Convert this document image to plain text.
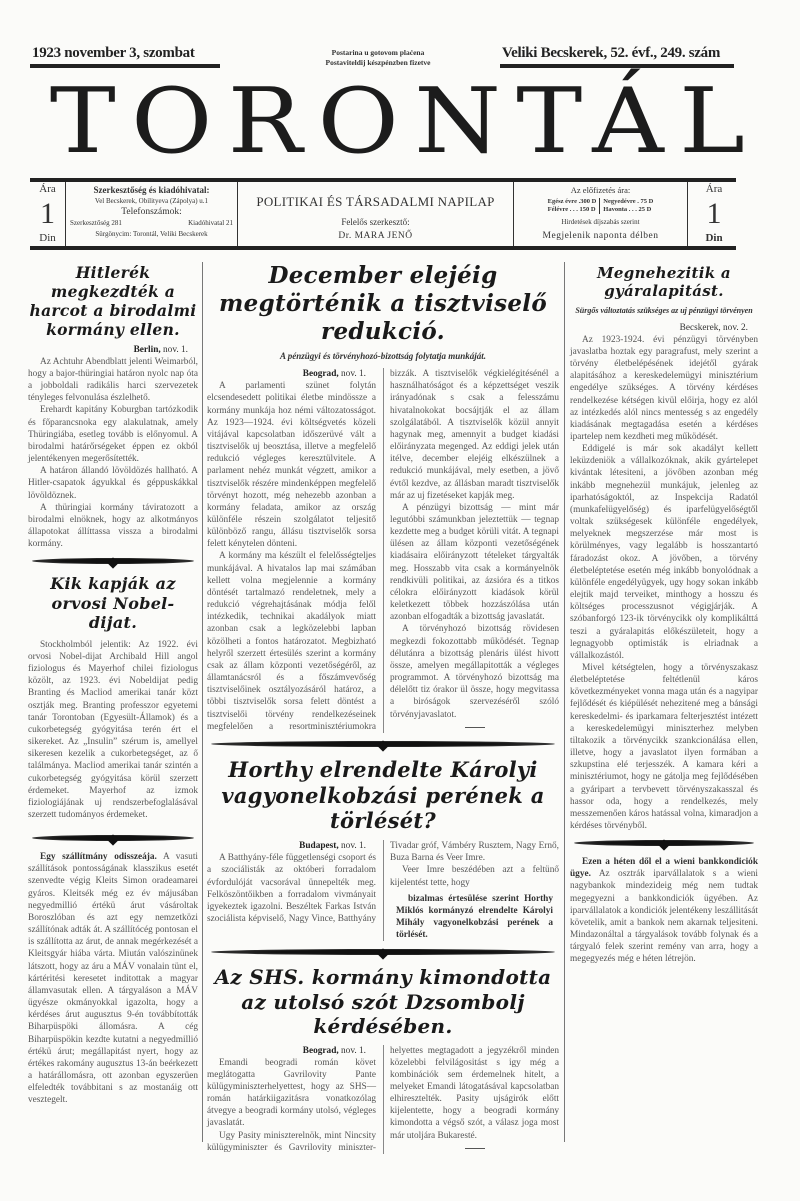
1923 november 3, szombat	Postarina u gotovom plaćena
Postaviteldij készpénzben fizetve
Veliki Becskerek, 52. évf., 249. szám
TORONTÁL
Ára
1
Din
Szerkesztőség és kiadóhivatal:
Vel Becskerek, Obilityeva (Zápolya) u.1
Telefonszámok:
Szerkesztőség 281	Kiadóhivatal 21
Sürgönycim: Torontál, Veliki Becskerek
POLITIKAI ÉS TÁRSADALMI NAPILAP
Felelős szerkesztő:
Dr. MARA JENŐ
Az előfizetés ára:
Egész évre .300 D
Félévre . . . 150 D
Negyedévre . 75 D
Havonta . . . 25 D
Hirdetések díjszabás szerint
Megjelenik naponta délben
Ára
1
Din
Hitlerék megkezdték a harcot a birodalmi kormány ellen.
Berlin, nov. 1.

Az Achtuhr Abendblatt jelenti Weimarból, hogy a bajor-thüringiai határon nyolc nap óta a jobboldali radikális harci szervezetek tényleges felvonulása észlelhető.

Erehardt kapitány Koburgban tartózkodik és főparancsnoka egy alakulatnak, amely Thüringiába, esetleg tovább is előnyomul. A birodalmi határőrségeket éppen ez okból jelentékenyen megerősítették.

A határon állandó lövöldözés hallható. A Hitler-csapatok ágyukkal és géppuskákkal lövöldöznek.

A thüringiai kormány táviratozott a birodalmi elnöknek, hogy az alkotmányos állapotokat állíttassa vissza a birodalmi kormány.

Kik kapják az orvosi Nobel-dijat.

Stockholmból jelentik: Az 1922. évi orvosi Nobel-dijat Archibald Hill angol fiziologus és Mayerhof chilei fiziologus közölt, az 1923. évi Nobeldijat pedig Branting és Macliod amerikai tanár közt osztják meg. Branting professzor egyetemi tanár Torontoban (Egyesült-Államok) és a cukorbetegség gyógyitása terén ért el sikereket. Az „Insulin” szérum is, amellyel sikeresen kezelik a cukorbetegséget, az ő találmánya. Macliod amerikai tanár szintén a cukorbetegség gyógyitása körül szerzett érdemeket. Mayerhof az izmok fiziologiájának uj rendszerbefoglalásával szerzett tudományos érdemeket.

Egy szállítmány odisszeája. A vasuti szállítások pontosságának klasszikus esetét szenvedte végig Kleits Simon oradeamarei gyáros. Kleitsék még ez év májusában negyedmillió értékü árut vásároltak Boroszlóban és azt egy nemzetközi szállítónak adták át. A szállítócég pontosan el is szállította az árut, de annak megérkezését a Kleitsgyár hiába várta. Miután valószinünek látszott, hogy az áru a MÁV vonalain tünt el, kártéritési keresetet inditottak a magyar államvasutak ellen. A tárgyaláson a MÁV ügyésze okmányokkal igazolta, hogy a kérdéses árut augusztus 9-én továbbították Biharpüspöki állomásra. A cég Biharpüspökin kezdte kutatni a negyedmillió értékü árut; megállapitást nyert, hogy az értékes rakomány augusztus 13-án beérkezett a határállomásra, ott azonban egyszerüen elfeledték továbbitani s az mostanáig ott vesztegelt.

December elejéig megtörténik a tisztviselő redukció.
A pénzügyi és törvényhozó-bizottság folytatja munkáját.
Beograd, nov. 1.

A parlamenti szünet folytán elcsendesedett politikai életbe mindössze a kormány munkája hoz némi változatosságot. Az 1923—1924. évi költségvetés közeli vitájával kapcsolatban időszerüvé vált a tisztviselők uj beosztása, illetve a megfelelő redukció végleges keresztülvitele. A parlament nehéz munkát végzett, amikor a tisztviselők részére mindenképpen megfelelő törvényt hozott, még nehezebb azonban a kormány feladata, amikor az ország különféle részein szolgálatot teljesitő különböző rangu, állásu tisztviselők sorsa felett kénytelen dönteni.

A kormány ma készült el felelősségteljes munkájával. A hivatalos lap mai számában kellett volna megjelennie a kormány döntését tartalmazó rendeletnek, mely a redukció végrehajtásának módja felől intézkedik, technikai akadályok miatt azonban csak a legközelebbi lapban közölheti a fontos határozatot. Megbizható helyről szerzett értesülés szerint a kormány csak az állam központi vezetőségéről, az államtanácsról és a főszámvevőség tisztviselőinek osztályozásáról határoz, a többi tisztviselők sorsa felett döntést a tisztviselői törvény rendelkezéseinek megfelelően a resortminisztériumokra bizzák. A tisztviselők végkielégitésénél a használhatóságot és a képzettséget veszik irányadónak s csak a felesszámu hivatalnokokat bocsájtják el az állam szolgálatából. A tisztviselők közül annyit hagynak meg, amennyit a budget kiadási előirányzata megenged. Az eddigi jelek után itélve, december elejéig elkészülnek a redukció munkájával, mely esetben, a jövő évtől kezdve, az állásban maradt tisztviselők már az uj fizetéseket kapják meg.

A pénzügyi bizottság — mint már legutóbbi számunkban jeleztettük — tegnap kezdette meg a budget körüli vitát. A tegnapi ülésen az állam központi vezetőségének kiadásaira előirányzott tételeket tárgyalták meg. Hosszabb vita csak a kormányelnök rendkivüli politikai, az ázsióra és a titkos célokra előirányzott kiadások körül keletkezett többek hozzászólása után azonban elfogadták a bizottság javaslatát.

A törvényhozó bizottság rövidesen megkezdi fokozottabb működését. Tegnap délutánra a bizottság plenáris ülést hivott össze, amelyen megállapitották a végleges programmot. A törvényhozó bizottság ma délelőtt tiz órakor ül össze, hogy megvitassa a biróságok szervezéséről szóló törvényjavaslatot.

Horthy elrendelte Károlyi vagyonelkobzási perének a törlését?
Budapest, nov. 1.

A Batthyány-féle függetlenségi csoport és a szociálisták az októberi forradalom évfordulóját vacsorával ünnepelték meg. Felköszöntőikben a forradalom vivmányait igyekeztek igazolni. Beszéltek Farkas István szociálista képviselő, Nagy Vince, Batthyány Tivadar gróf, Vámbéry Rusztem, Nagy Ernő, Buza Barna és Veer Imre.

Veer Imre beszédében azt a feltünő kijelentést tette, hogy

bizalmas értesülése szerint Horthy Miklós kormányzó elrendelte Károlyi Mihály vagyonelkobzási perének a törlését.

Az SHS. kormány kimondotta az utolsó szót Dzsombolj kérdésében.
Beograd, nov. 1.

Emandi beogradi román követ meglátogatta Gavrilovity Pante külügyminiszterhelyettest, hogy az SHS—román határkiigazitásra vonatkozólag átvegye a beogradi kormány utolsó, végleges javaslatát.

Ugy Pasity miniszterelnök, mint Nincsity külügyminiszter és Gavrilovity miniszter-helyettes megtagadott a jegyzékről minden közelebbi felvilágositást s igy még a kombinációk sem érdemelnek hitelt, a melyeket Emandi látogatásával kapcsolatban elhiresztelték. Pasity ujságirók előtt kijelentette, hogy a beogradi kormány kimondotta a végső szót, a válasz joga most már utoljára Bukaresté.

Megnehezitik a gyáralapitást.
Sürgős változtatás szükséges az uj pénzügyi törvényen
Becskerek, nov. 2.

Az 1923-1924. évi pénzügyi törvényben javaslatba hoztak egy paragrafust, mely szerint a törvény életbelépésének idejétől gyárak alapitásához a kereskedelemügyi minisztérium engedélye szükséges. A törvény kérdéses rendelkezése kétségen kivül előirja, hogy ez alól az intézkedés alól nincs mentesség s az engedély kiadásának megtagadása esetén a kérdéses ipartelep nem kezdheti meg működését.

Eddigelé is már sok akadályt kellett leküzdeniök a vállalkozóknak, akik gyártelepet kivántak létesiteni, a jövőben azonban még inkább megnehezül munkájuk, jelenleg az iparhatóságoktól, az Inspekcija Radatól (munkafelügyelőség) és iparfelügyelőségtől voltak szükségesek különféle engedélyek, melyeknek megszerzése már most is körülményes, vagy legalább is hosszantartó fáradozást okoz. A jövőben, a törvény életbeléptetése esetén még inkább bonyolódnak a különféle engedélyügyek, ugy hogy sokan inkább elejtik majd terveiket, minthogy a hosszu és költséges processzusnot végigjárják. A szóbanforgó 123-ik törvénycikk oly komplikálttá teszi a gyáralapitás előkészületeit, hogy a legnagyobb optimisták is elriadnak a vállalkozástól.

Mivel kétségtelen, hogy a törvényszakasz életbeléptetése feltétlenül káros következményeket vonna maga után és a nagyipar fejlődését és kiépülését nehezitené meg a bánsági kereskedelmi- és iparkamara felterjesztést intézett a kereskedelemügyi miniszterhez melyben tiltakozik a törvénycikk szankcionálása ellen, illetve, hogy a javaslatot ilyen formában a szkupstina elé terjesszék. A kamara kéri a minisztériumot, hogy ne gátolja meg fejlődésében a gyáripart a tervbevett törvényszakasszal és hassor oda, hogy a rendelkezés, mely messzemenően káros hatással volna, kimaradjon a kérdéses törvényből.

Ezen a héten dől el a wieni bankkondiciók ügye. Az osztrák iparvállalatok s a wieni nagybankok mindezideig még nem tudtak megegyezni a bankkondiciók ügyében. Az iparvállalatok a kondiciók jelentékeny leszállitását követelik, amit a bankok nem akarnak teljesiteni. Mindazonáltal a tárgyalások tovább folynak és a tárgyaló felek szerint remény van arra, hogy a megegyezés még e héten létrejön.
